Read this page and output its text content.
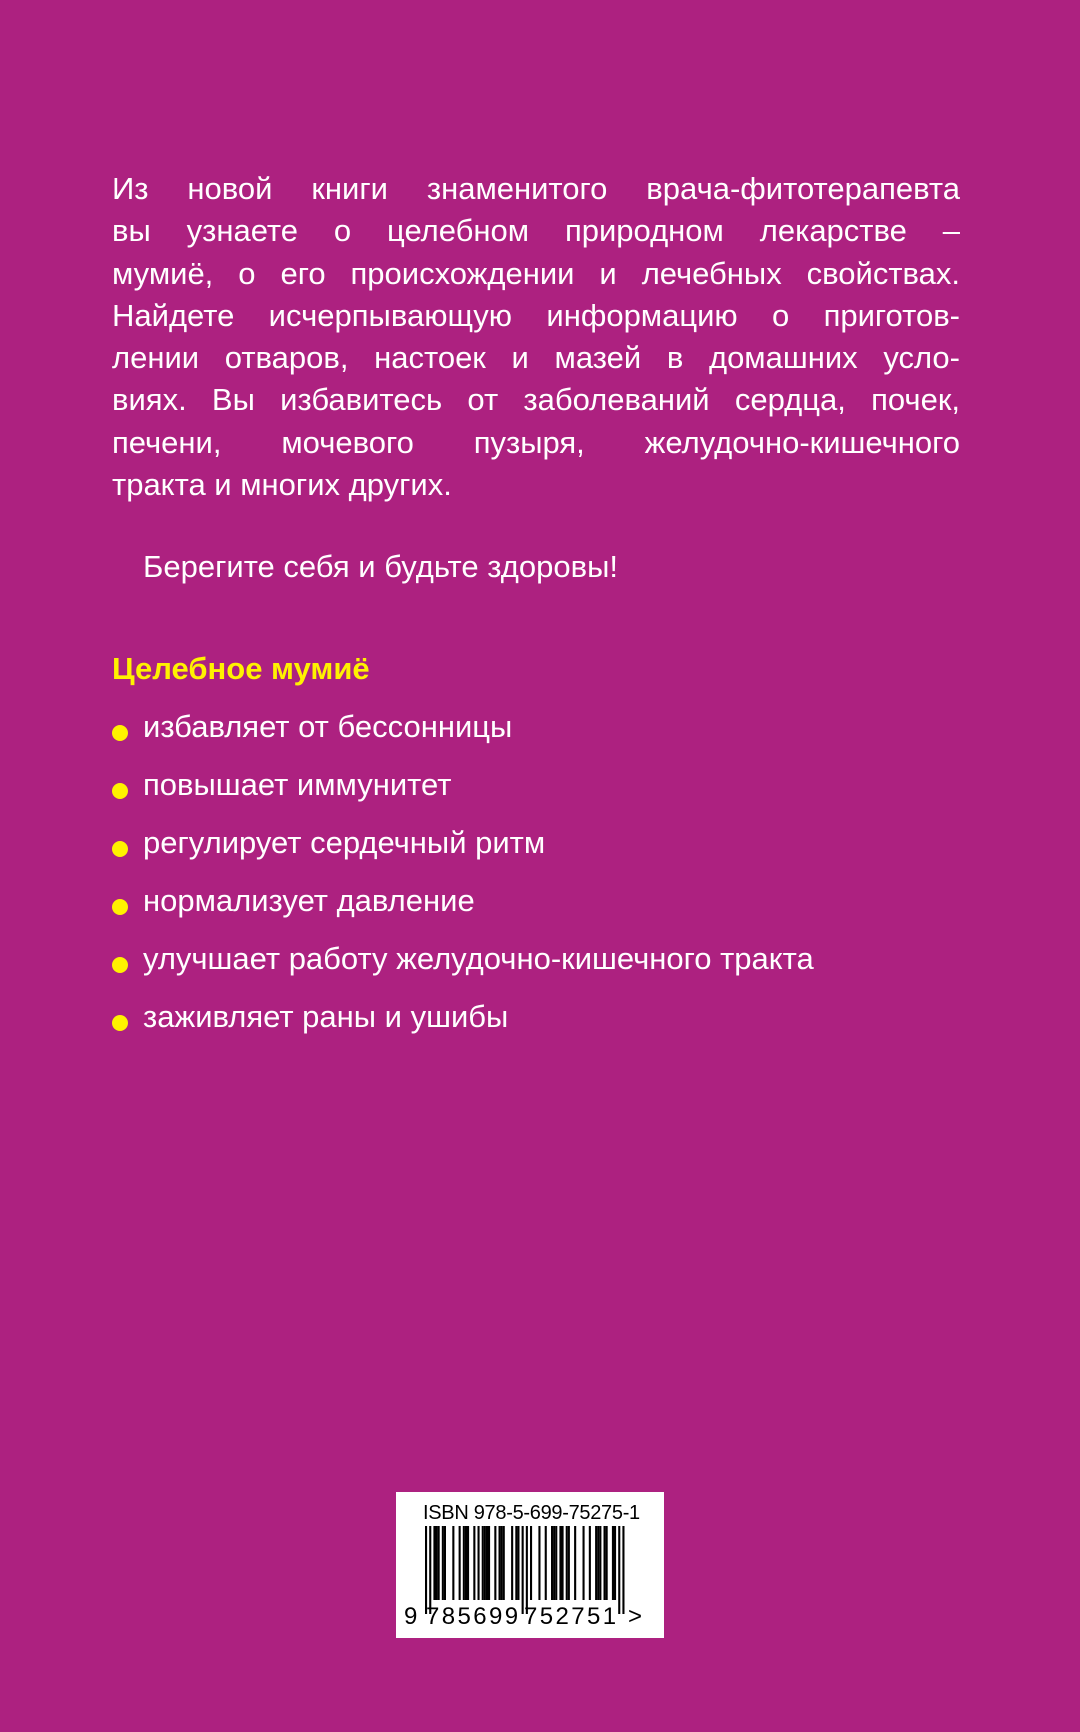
Из новой книги знаменитого врача-фитотерапевта
вы узнаете о целебном природном лекарстве –
мумиё, о его происхождении и лечебных свойствах.
Найдете исчерпывающую информацию о приготов-
лении отваров, настоек и мазей в домашних усло-
виях. Вы избавитесь от заболеваний сердца, почек,
печени, мочевого пузыря, желудочно-кишечного
тракта и многих других.
Берегите себя и будьте здоровы!
Целебное мумиё
избавляет от бессонницы
повышает иммунитет
регулирует сердечный ритм
нормализует давление
улучшает работу желудочно-кишечного тракта
заживляет раны и ушибы
ISBN 978-5-699-75275-1
9 785699 752751 >
